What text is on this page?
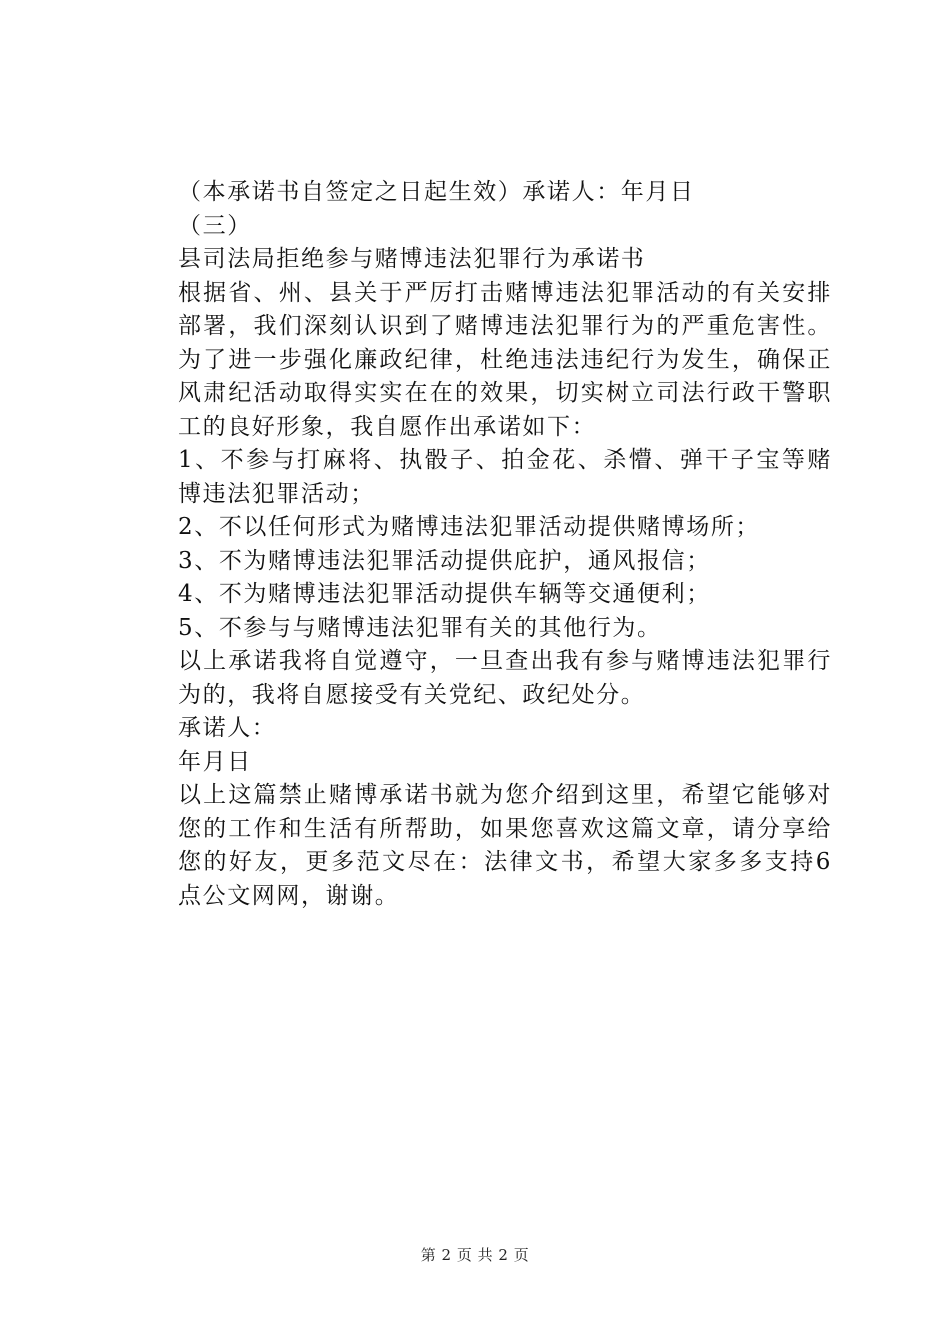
（本承诺书自签定之日起生效）承诺人：年月日
（三）
县司法局拒绝参与赌博违法犯罪行为承诺书
根据省、州、县关于严厉打击赌博违法犯罪活动的有关安排部署，我们深刻认识到了赌博违法犯罪行为的严重危害性。为了进一步强化廉政纪律，杜绝违法违纪行为发生，确保正风肃纪活动取得实实在在的效果，切实树立司法行政干警职工的良好形象，我自愿作出承诺如下：
1、不参与打麻将、执骰子、拍金花、杀懵、弹干子宝等赌博违法犯罪活动；
2、不以任何形式为赌博违法犯罪活动提供赌博场所；
3、不为赌博违法犯罪活动提供庇护，通风报信；
4、不为赌博违法犯罪活动提供车辆等交通便利；
5、不参与与赌博违法犯罪有关的其他行为。
以上承诺我将自觉遵守，一旦查出我有参与赌博违法犯罪行为的，我将自愿接受有关党纪、政纪处分。
承诺人：
年月日
以上这篇禁止赌博承诺书就为您介绍到这里，希望它能够对您的工作和生活有所帮助，如果您喜欢这篇文章，请分享给您的好友，更多范文尽在：法律文书，希望大家多多支持6点公文网网，谢谢。
第 2 页 共 2 页
